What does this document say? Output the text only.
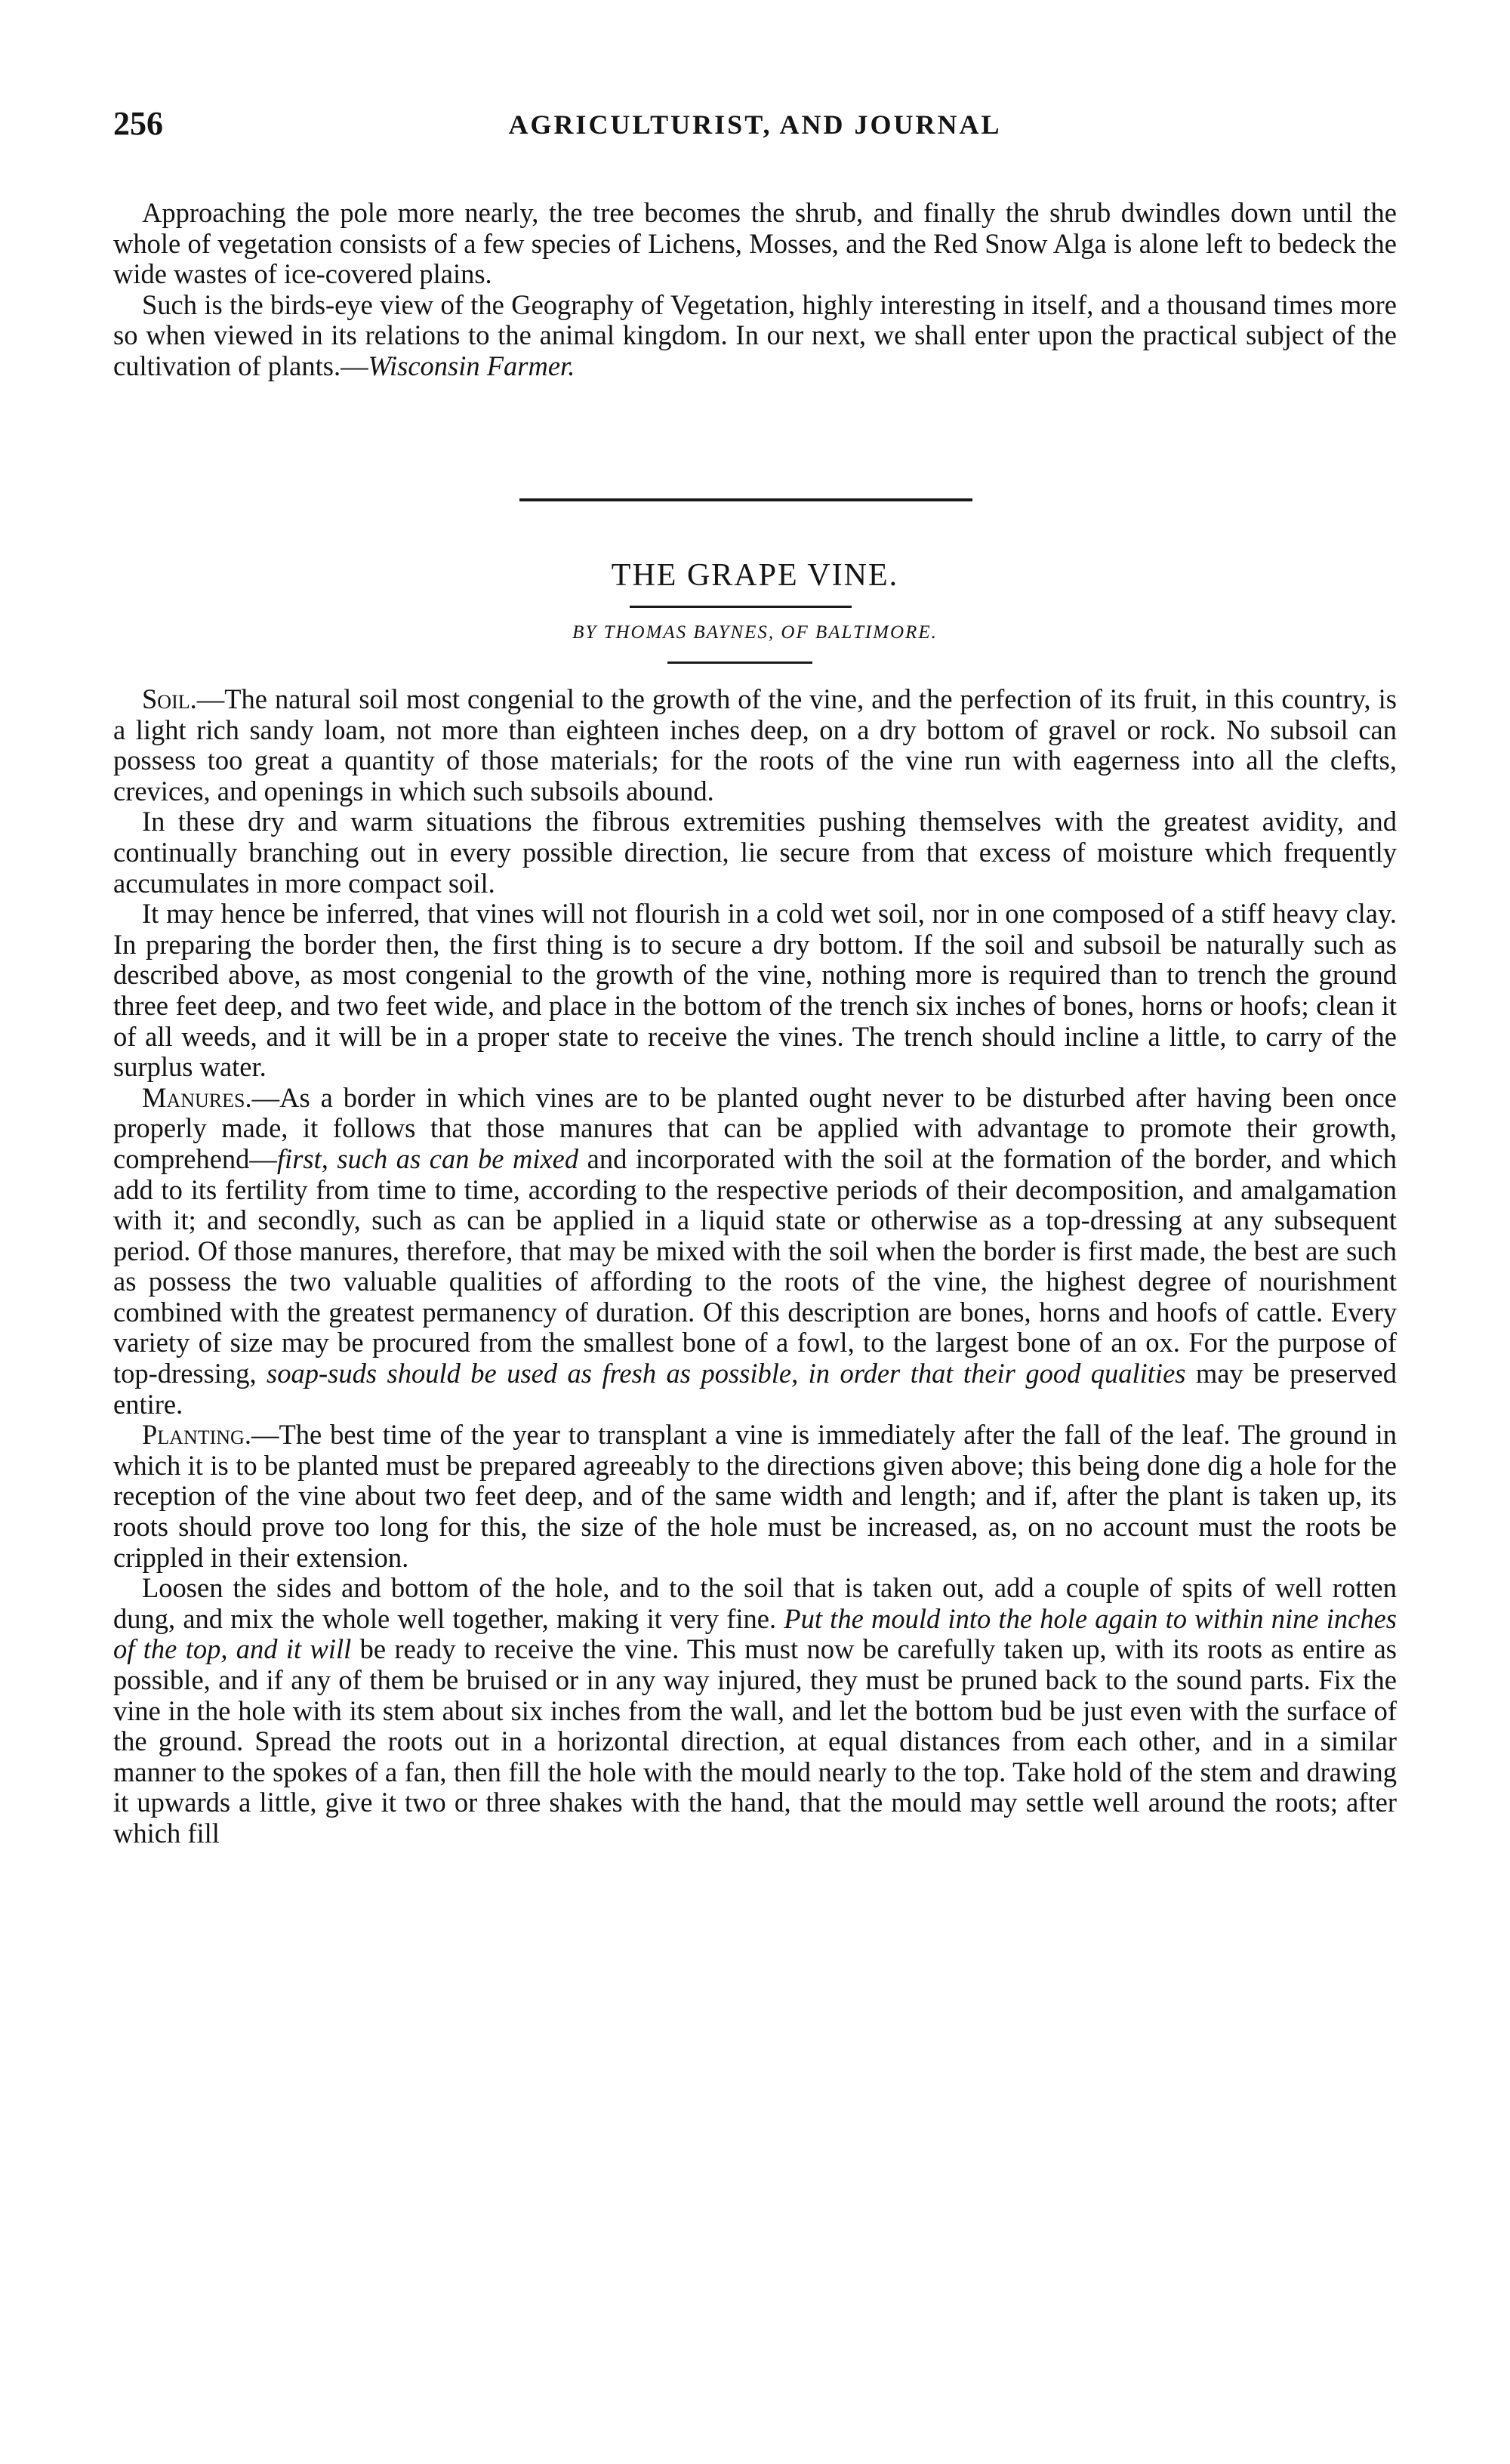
256	AGRICULTURIST, AND JOURNAL

Approaching the pole more nearly, the tree becomes the shrub, and finally the shrub dwindles down until the whole of vegetation consists of a few species of Lichens, Mosses, and the Red Snow Alga is alone left to bedeck the wide wastes of ice-covered plains.

Such is the birds-eye view of the Geography of Vegetation, highly interesting in itself, and a thousand times more so when viewed in its relations to the animal kingdom. In our next, we shall enter upon the practical subject of the cultivation of plants.—Wisconsin Farmer.

THE GRAPE VINE.
BY THOMAS BAYNES, OF BALTIMORE.

Soil.—The natural soil most congenial to the growth of the vine, and the perfection of its fruit, in this country, is a light rich sandy loam, not more than eighteen inches deep, on a dry bottom of gravel or rock. No subsoil can possess too great a quantity of those materials; for the roots of the vine run with eagerness into all the clefts, crevices, and openings in which such subsoils abound.

In these dry and warm situations the fibrous extremities pushing themselves with the greatest avidity, and continually branching out in every possible direction, lie secure from that excess of moisture which frequently accumulates in more compact soil.

It may hence be inferred, that vines will not flourish in a cold wet soil, nor in one composed of a stiff heavy clay. In preparing the border then, the first thing is to secure a dry bottom. If the soil and subsoil be naturally such as described above, as most congenial to the growth of the vine, nothing more is required than to trench the ground three feet deep, and two feet wide, and place in the bottom of the trench six inches of bones, horns or hoofs; clean it of all weeds, and it will be in a proper state to receive the vines. The trench should incline a little, to carry of the surplus water.

Manures.—As a border in which vines are to be planted ought never to be disturbed after having been once properly made, it follows that those manures that can be applied with advantage to promote their growth, comprehend—first, such as can be mixed and incorporated with the soil at the formation of the border, and which add to its fertility from time to time, according to the respective periods of their decomposition, and amalgamation with it; and secondly, such as can be applied in a liquid state or otherwise as a top-dressing at any subsequent period. Of those manures, therefore, that may be mixed with the soil when the border is first made, the best are such as possess the two valuable qualities of affording to the roots of the vine, the highest degree of nourishment combined with the greatest permanency of duration. Of this description are bones, horns and hoofs of cattle. Every variety of size may be procured from the smallest bone of a fowl, to the largest bone of an ox. For the purpose of top-dressing, soap-suds should be used as fresh as possible, in order that their good qualities may be preserved entire.

Planting.—The best time of the year to transplant a vine is immediately after the fall of the leaf. The ground in which it is to be planted must be prepared agreeably to the directions given above; this being done dig a hole for the reception of the vine about two feet deep, and of the same width and length; and if, after the plant is taken up, its roots should prove too long for this, the size of the hole must be increased, as, on no account must the roots be crippled in their extension.

Loosen the sides and bottom of the hole, and to the soil that is taken out, add a couple of spits of well rotten dung, and mix the whole well together, making it very fine. Put the mould into the hole again to within nine inches of the top, and it will be ready to receive the vine. This must now be carefully taken up, with its roots as entire as possible, and if any of them be bruised or in any way injured, they must be pruned back to the sound parts. Fix the vine in the hole with its stem about six inches from the wall, and let the bottom bud be just even with the surface of the ground. Spread the roots out in a horizontal direction, at equal distances from each other, and in a similar manner to the spokes of a fan, then fill the hole with the mould nearly to the top. Take hold of the stem and drawing it upwards a little, give it two or three shakes with the hand, that the mould may settle well around the roots; after which fill
